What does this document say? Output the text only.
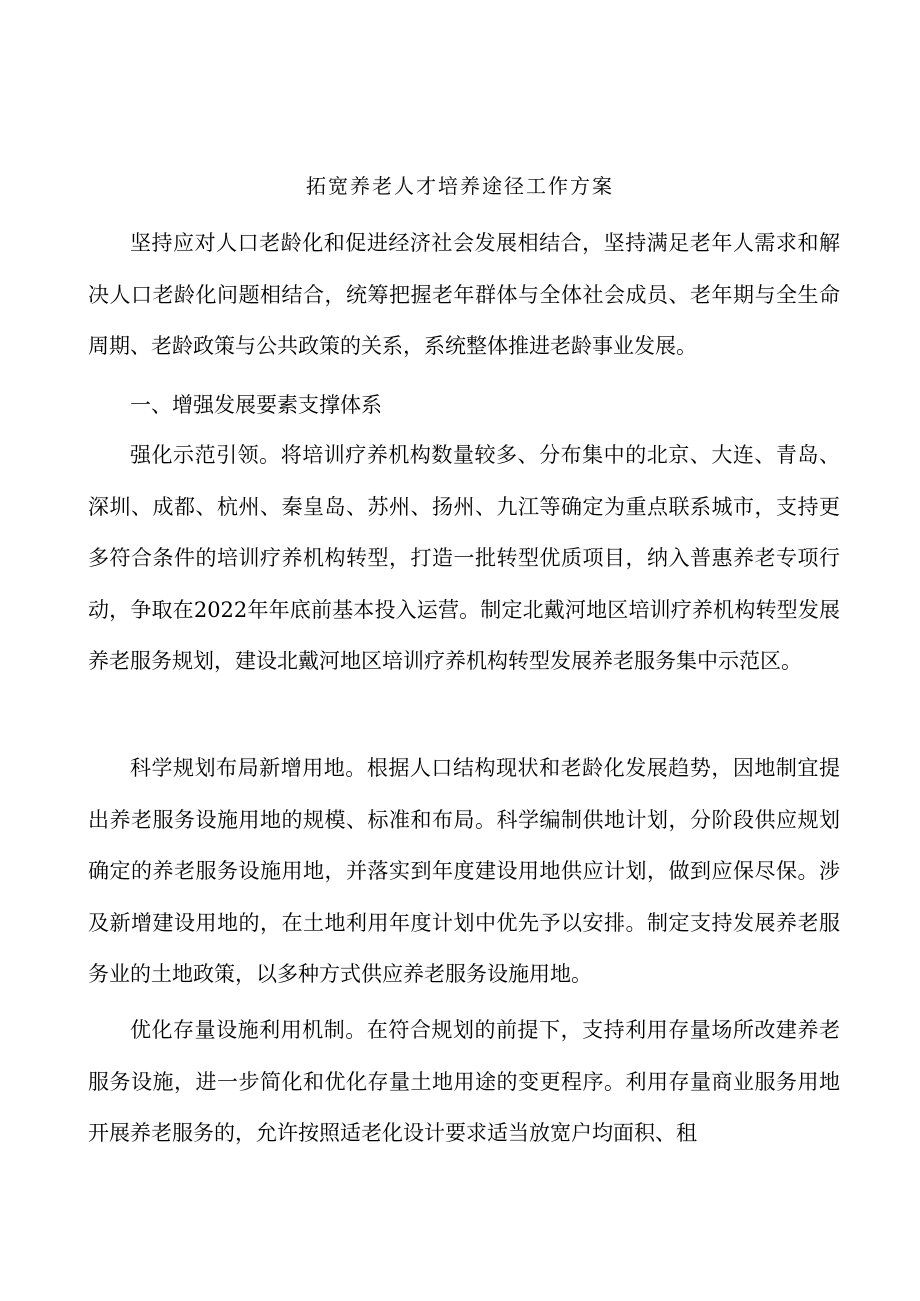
拓宽养老人才培养途径工作方案

坚持应对人口老龄化和促进经济社会发展相结合，坚持满足老年人需求和解决人口老龄化问题相结合，统筹把握老年群体与全体社会成员、老年期与全生命周期、老龄政策与公共政策的关系，系统整体推进老龄事业发展。

一、增强发展要素支撑体系

强化示范引领。将培训疗养机构数量较多、分布集中的北京、大连、青岛、深圳、成都、杭州、秦皇岛、苏州、扬州、九江等确定为重点联系城市，支持更多符合条件的培训疗养机构转型，打造一批转型优质项目，纳入普惠养老专项行动，争取在2022年年底前基本投入运营。制定北戴河地区培训疗养机构转型发展养老服务规划，建设北戴河地区培训疗养机构转型发展养老服务集中示范区。

科学规划布局新增用地。根据人口结构现状和老龄化发展趋势，因地制宜提出养老服务设施用地的规模、标准和布局。科学编制供地计划，分阶段供应规划确定的养老服务设施用地，并落实到年度建设用地供应计划，做到应保尽保。涉及新增建设用地的，在土地利用年度计划中优先予以安排。制定支持发展养老服务业的土地政策，以多种方式供应养老服务设施用地。

优化存量设施利用机制。在符合规划的前提下，支持利用存量场所改建养老服务设施，进一步简化和优化存量土地用途的变更程序。利用存量商业服务用地开展养老服务的，允许按照适老化设计要求适当放宽户均面积、租
